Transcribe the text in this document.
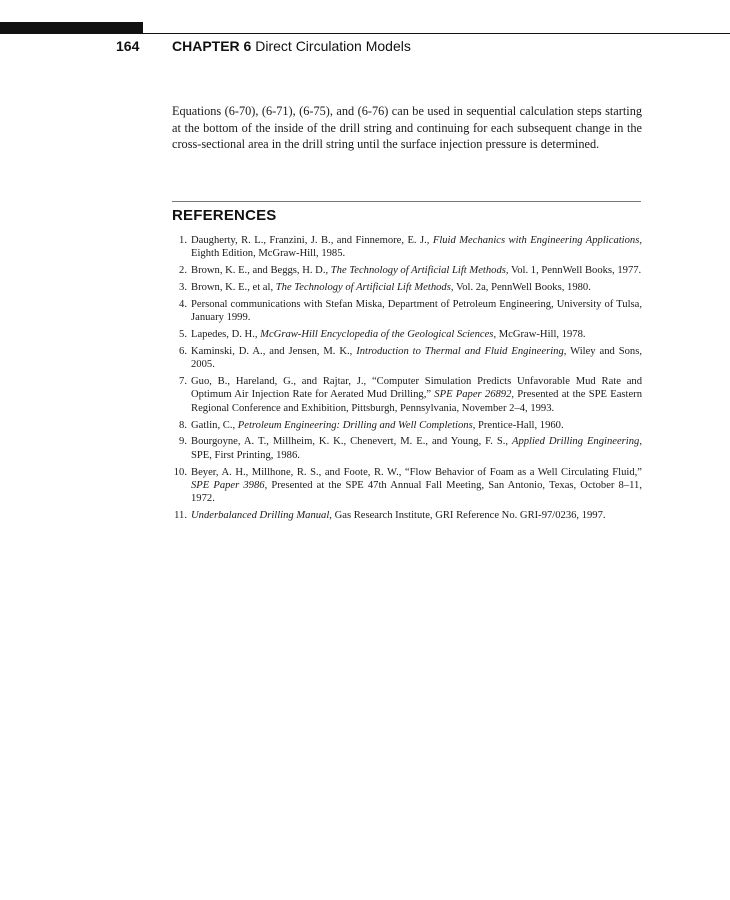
164 CHAPTER 6 Direct Circulation Models

Equations (6-70), (6-71), (6-75), and (6-76) can be used in sequential calculation steps starting at the bottom of the inside of the drill string and continuing for each subsequent change in the cross-sectional area in the drill string until the surface injection pressure is determined.

REFERENCES
1. Daugherty, R. L., Franzini, J. B., and Finnemore, E. J., Fluid Mechanics with Engineering Applications, Eighth Edition, McGraw-Hill, 1985.
2. Brown, K. E., and Beggs, H. D., The Technology of Artificial Lift Methods, Vol. 1, PennWell Books, 1977.
3. Brown, K. E., et al, The Technology of Artificial Lift Methods, Vol. 2a, PennWell Books, 1980.
4. Personal communications with Stefan Miska, Department of Petroleum Engineering, University of Tulsa, January 1999.
5. Lapedes, D. H., McGraw-Hill Encyclopedia of the Geological Sciences, McGraw-Hill, 1978.
6. Kaminski, D. A., and Jensen, M. K., Introduction to Thermal and Fluid Engineering, Wiley and Sons, 2005.
7. Guo, B., Hareland, G., and Rajtar, J., “Computer Simulation Predicts Unfavorable Mud Rate and Optimum Air Injection Rate for Aerated Mud Drilling,” SPE Paper 26892, Presented at the SPE Eastern Regional Conference and Exhibition, Pittsburgh, Pennsylvania, November 2–4, 1993.
8. Gatlin, C., Petroleum Engineering: Drilling and Well Completions, Prentice-Hall, 1960.
9. Bourgoyne, A. T., Millheim, K. K., Chenevert, M. E., and Young, F. S., Applied Drilling Engineering, SPE, First Printing, 1986.
10. Beyer, A. H., Millhone, R. S., and Foote, R. W., “Flow Behavior of Foam as a Well Circulating Fluid,” SPE Paper 3986, Presented at the SPE 47th Annual Fall Meeting, San Antonio, Texas, October 8–11, 1972.
11. Underbalanced Drilling Manual, Gas Research Institute, GRI Reference No. GRI-97/0236, 1997.
